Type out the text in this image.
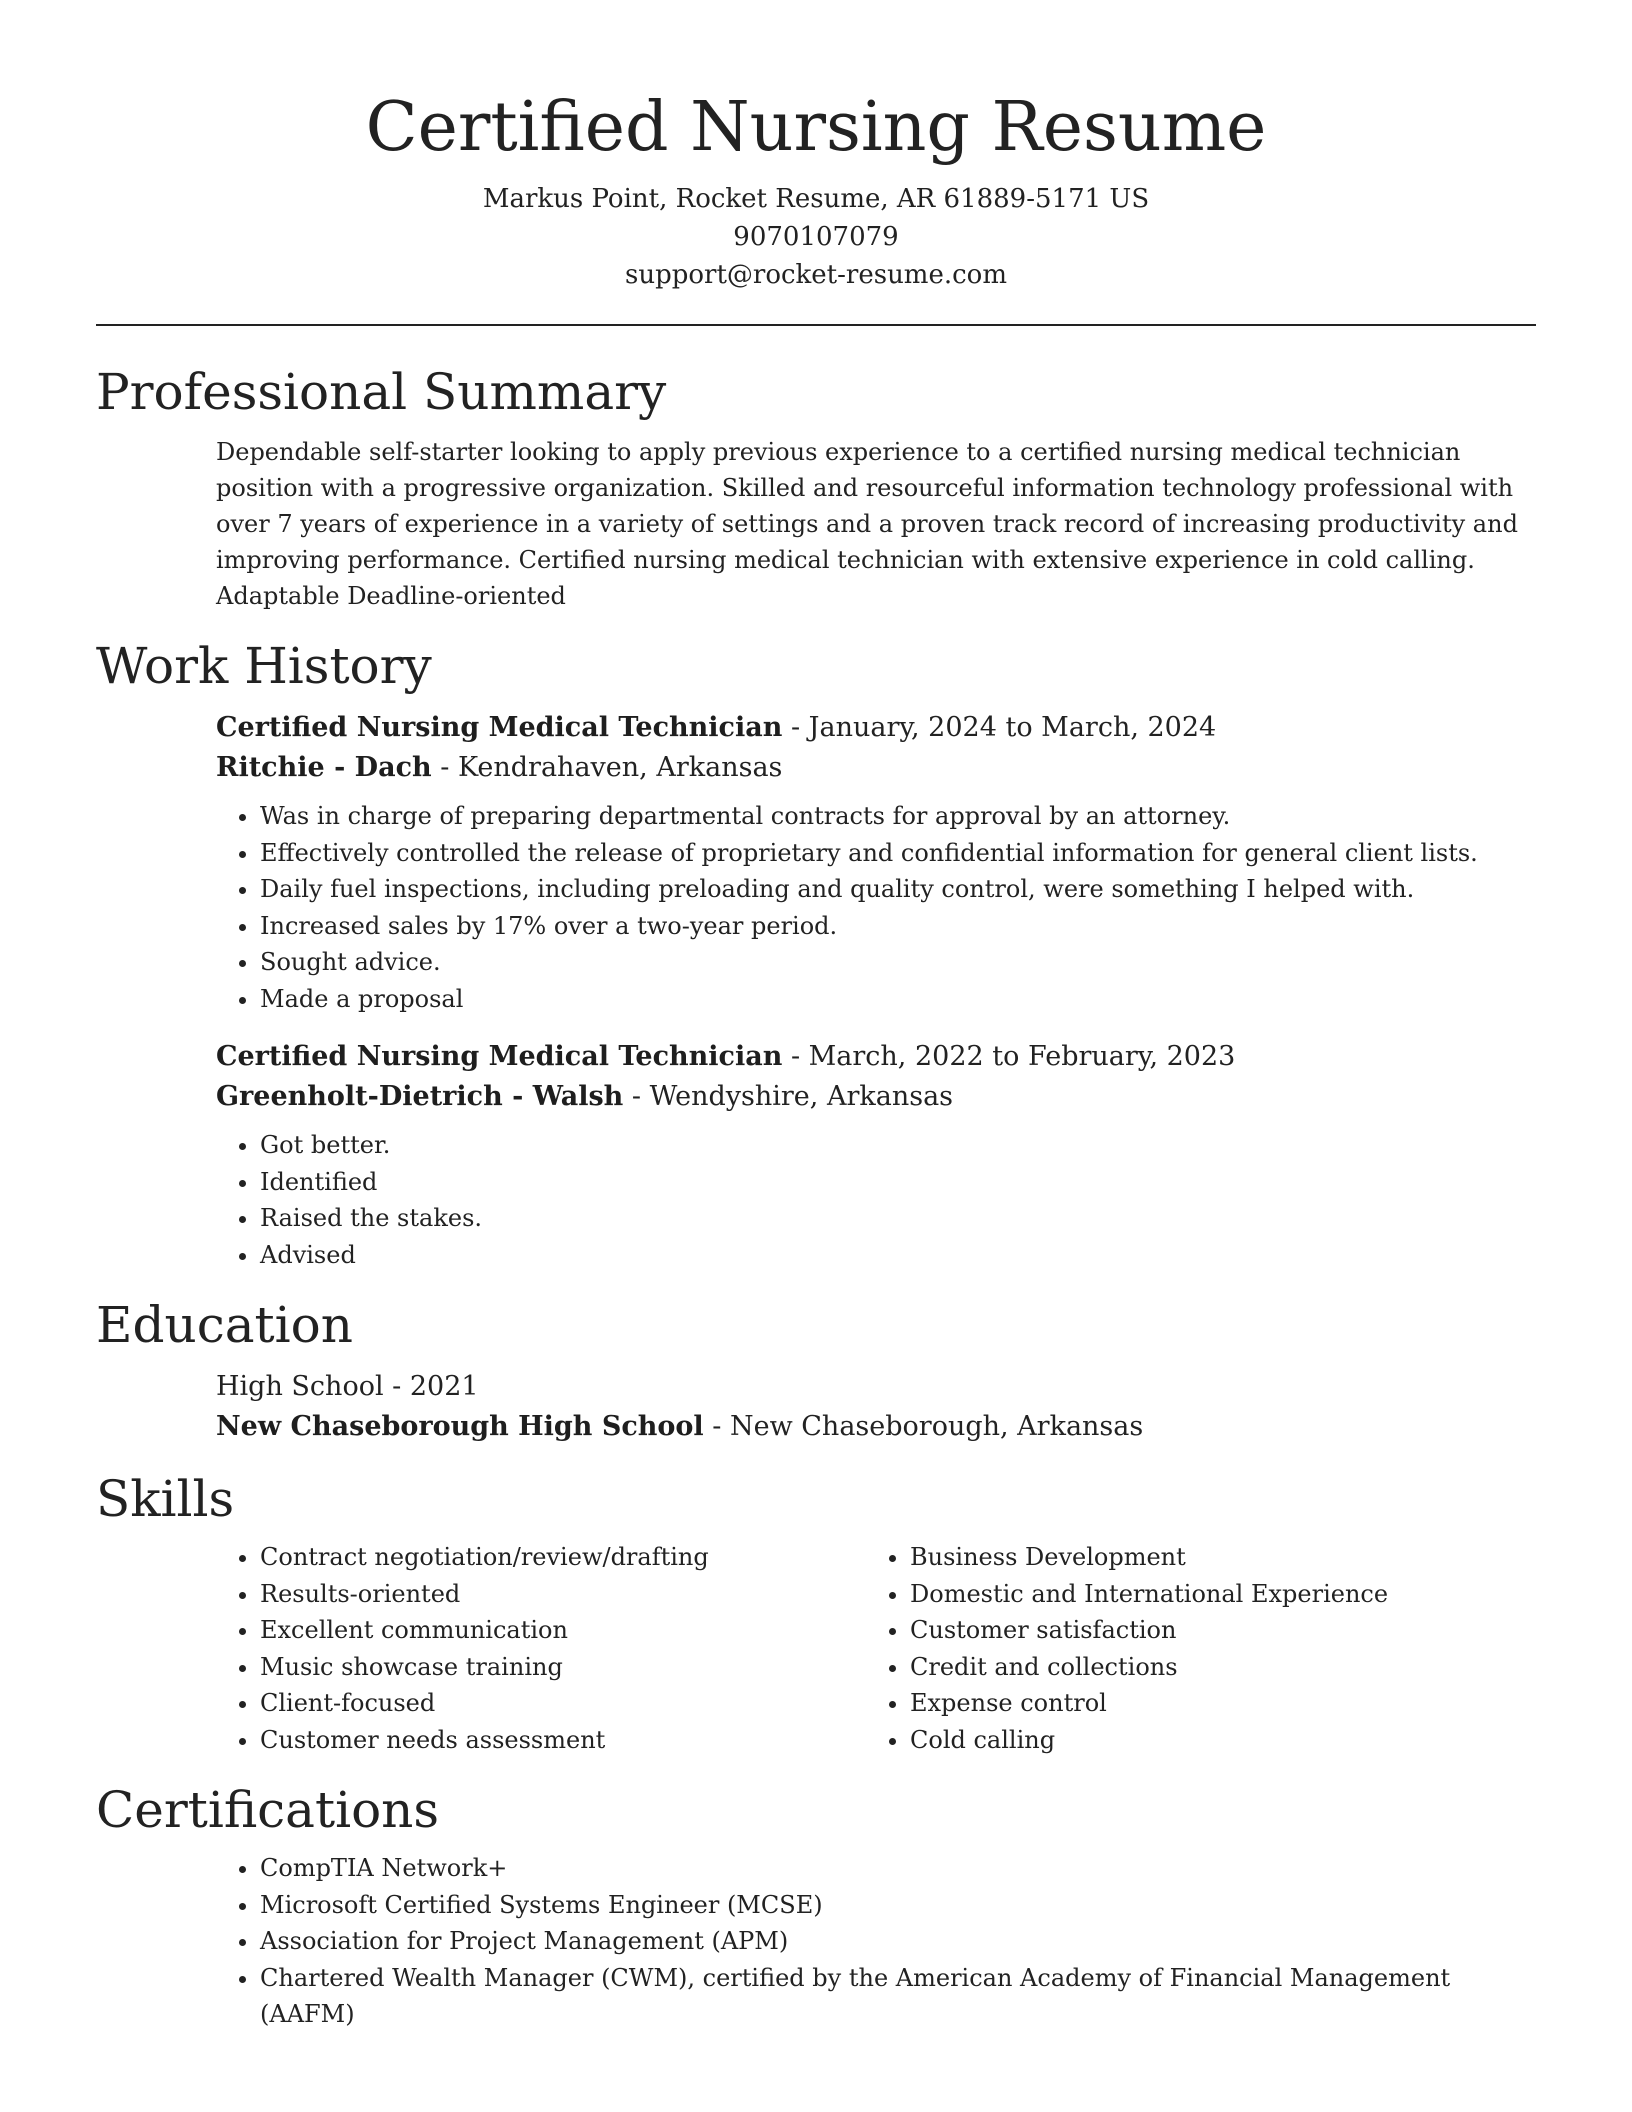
Certified Nursing Resume
Markus Point, Rocket Resume, AR 61889-5171 US
9070107079
support@rocket-resume.com
Professional Summary
Dependable self-starter looking to apply previous experience to a certified nursing medical technician position with a progressive organization. Skilled and resourceful information technology professional with over 7 years of experience in a variety of settings and a proven track record of increasing productivity and improving performance. Certified nursing medical technician with extensive experience in cold calling. Adaptable Deadline-oriented
Work History
Certified Nursing Medical Technician - January, 2024 to March, 2024
Ritchie - Dach - Kendrahaven, Arkansas
• Was in charge of preparing departmental contracts for approval by an attorney.
• Effectively controlled the release of proprietary and confidential information for general client lists.
• Daily fuel inspections, including preloading and quality control, were something I helped with.
• Increased sales by 17% over a two-year period.
• Sought advice.
• Made a proposal
Certified Nursing Medical Technician - March, 2022 to February, 2023
Greenholt-Dietrich - Walsh - Wendyshire, Arkansas
• Got better.
• Identified
• Raised the stakes.
• Advised
Education
High School - 2021
New Chaseborough High School - New Chaseborough, Arkansas
Skills
• Contract negotiation/review/drafting
• Results-oriented
• Excellent communication
• Music showcase training
• Client-focused
• Customer needs assessment
• Business Development
• Domestic and International Experience
• Customer satisfaction
• Credit and collections
• Expense control
• Cold calling
Certifications
• CompTIA Network+
• Microsoft Certified Systems Engineer (MCSE)
• Association for Project Management (APM)
• Chartered Wealth Manager (CWM), certified by the American Academy of Financial Management (AAFM)
